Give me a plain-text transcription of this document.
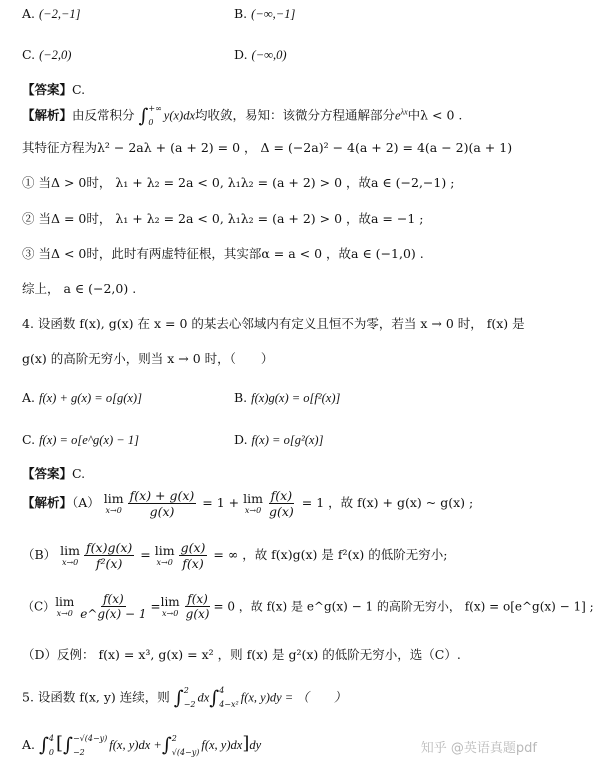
A. (−2,−1]	B. (−∞,−1]
C. (−2,0)	D. (−∞,0)
【答案】C.
【解析】由反常积分 ∫ +∞
0
y(x)dx均收敛，易知：该微分方程通解部分$e^{\lambda x}$中λ < 0 .
其特征方程为λ² − 2aλ + (a + 2) = 0 ， Δ = (−2a)² − 4(a + 2) = 4(a − 2)(a + 1)
① 当Δ > 0时， λ₁ + λ₂ = 2a < 0, λ₁λ₂ = (a + 2) > 0 ，故a ∈ (−2,−1) ;
② 当Δ = 0时， λ₁ + λ₂ = 2a < 0, λ₁λ₂ = (a + 2) > 0 ，故a = −1 ;
③ 当Δ < 0时，此时有两虚特征根，其实部α = a < 0 ，故a ∈ (−1,0) .
综上， a ∈ (−2,0) .
4. 设函数 f(x), g(x) 在 x = 0 的某去心邻域内有定义且恒不为零，若当 x → 0 时， f(x) 是
g(x) 的高阶无穷小，则当 x → 0 时，（　　）
A. f(x) + g(x) = o[g(x)]	B. f(x)g(x) = o[f²(x)]
C. f(x) = o[e^g(x) − 1]	D. f(x) = o[g²(x)]
【答案】C.
【解析】（A） lim
$x\to 0 \frac{f(x) + g(x)}{g(x)} = 1 + \lim$
$x\to 0 \frac{f(x)}{g(x)} = 1$ ，故 f(x) + g(x) ~ g(x) ;
（B） lim
$x\to 0 \frac{f(x)g(x)}{\text{f²(x)}} = \lim$
$x\to 0 \frac{g(x)}{f(x)}$ = ∞ ，故 f(x)g(x) 是 f²(x) 的低阶无穷小;
（C） lim
$x\to 0 \frac{f(x)}{e\^{}g(x) - 1} = \lim$
$x\to 0 \frac{f(x)}{g(x)} = 0$ ，故 f(x) 是 e^g(x) − 1 的高阶无穷小， f(x) = o[e^g(x) − 1] ;
（D）反例： f(x) = x³, g(x) = x² ，则 f(x) 是 g²(x) 的低阶无穷小，选（C）.
5. 设函数 f(x, y) 连续，则 ∫ 2
−2
dx∫ 4
4−x²
f(x, y)dy = （　　）
A. ∫ 4
0 [∫ −√(4−y)
−2
f(x, y)dx +∫ 2
√(4−y)
f(x, y)dx]dy	知乎 @英语真题pdf
